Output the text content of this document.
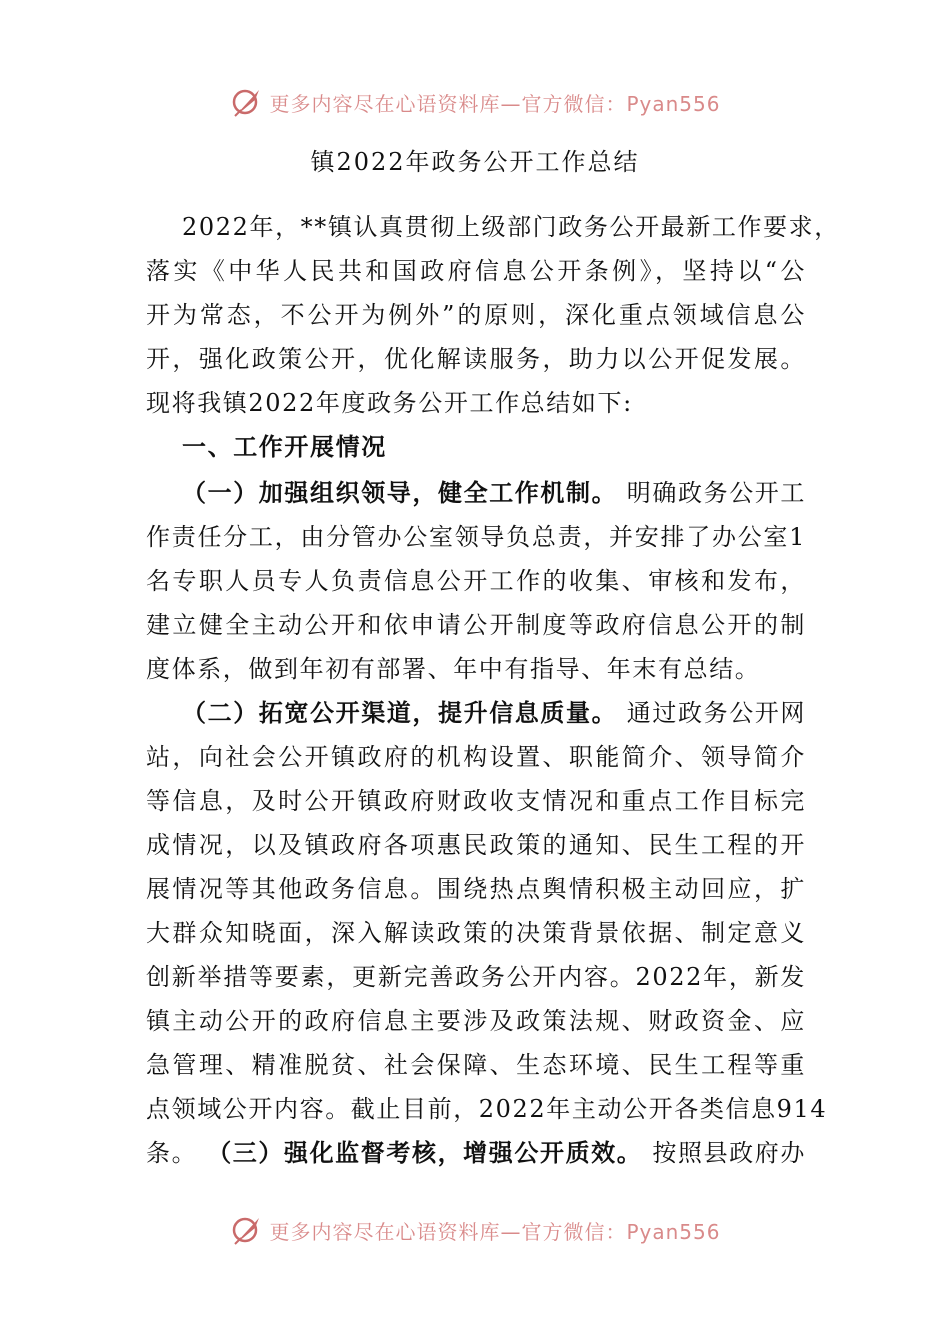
更多内容尽在心语资料库—官方微信：Pyan556
镇2022年政务公开工作总结
2022年，**镇认真贯彻上级部门政务公开最新工作要求，
落实《中华人民共和国政府信息公开条例》，坚持以“公
开为常态，不公开为例外”的原则，深化重点领域信息公
开，强化政策公开，优化解读服务，助力以公开促发展。
现将我镇2022年度政务公开工作总结如下:
一、工作开展情况
（一）加强组织领导，健全工作机制。 明确政务公开工
作责任分工，由分管办公室领导负总责，并安排了办公室1
名专职人员专人负责信息公开工作的收集、审核和发布，
建立健全主动公开和依申请公开制度等政府信息公开的制
度体系，做到年初有部署、年中有指导、年末有总结。
（二）拓宽公开渠道，提升信息质量。 通过政务公开网
站，向社会公开镇政府的机构设置、职能简介、领导简介
等信息，及时公开镇政府财政收支情况和重点工作目标完
成情况，以及镇政府各项惠民政策的通知、民生工程的开
展情况等其他政务信息。围绕热点舆情积极主动回应，扩
大群众知晓面，深入解读政策的决策背景依据、制定意义
创新举措等要素，更新完善政务公开内容。2022年，新发
镇主动公开的政府信息主要涉及政策法规、财政资金、应
急管理、精准脱贫、社会保障、生态环境、民生工程等重
点领域公开内容。截止目前，2022年主动公开各类信息914
条。 （三）强化监督考核，增强公开质效。 按照县政府办
更多内容尽在心语资料库—官方微信：Pyan556
